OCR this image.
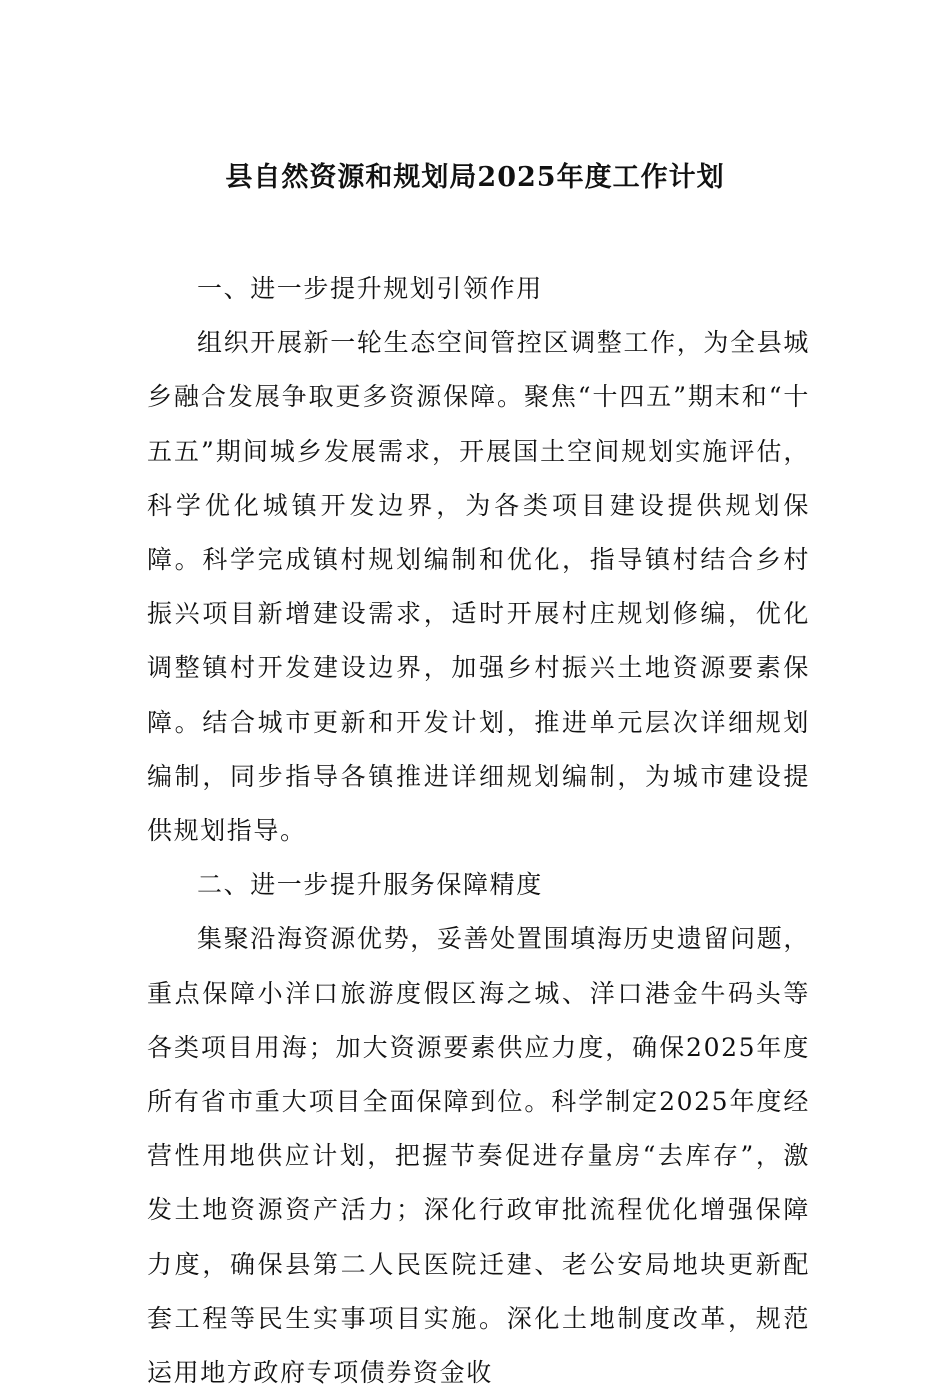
县自然资源和规划局2025年度工作计划

一、进一步提升规划引领作用

组织开展新一轮生态空间管控区调整工作，为全县城乡融合发展争取更多资源保障。聚焦“十四五”期末和“十五五”期间城乡发展需求，开展国土空间规划实施评估，科学优化城镇开发边界，为各类项目建设提供规划保障。科学完成镇村规划编制和优化，指导镇村结合乡村振兴项目新增建设需求，适时开展村庄规划修编，优化调整镇村开发建设边界，加强乡村振兴土地资源要素保障。结合城市更新和开发计划，推进单元层次详细规划编制，同步指导各镇推进详细规划编制，为城市建设提供规划指导。

二、进一步提升服务保障精度

集聚沿海资源优势，妥善处置围填海历史遗留问题，重点保障小洋口旅游度假区海之城、洋口港金牛码头等各类项目用海；加大资源要素供应力度，确保2025年度所有省市重大项目全面保障到位。科学制定2025年度经营性用地供应计划，把握节奏促进存量房“去库存”，激发土地资源资产活力；深化行政审批流程优化增强保障力度，确保县第二人民医院迁建、老公安局地块更新配套工程等民生实事项目实施。深化土地制度改革，规范运用地方政府专项债券资金收
